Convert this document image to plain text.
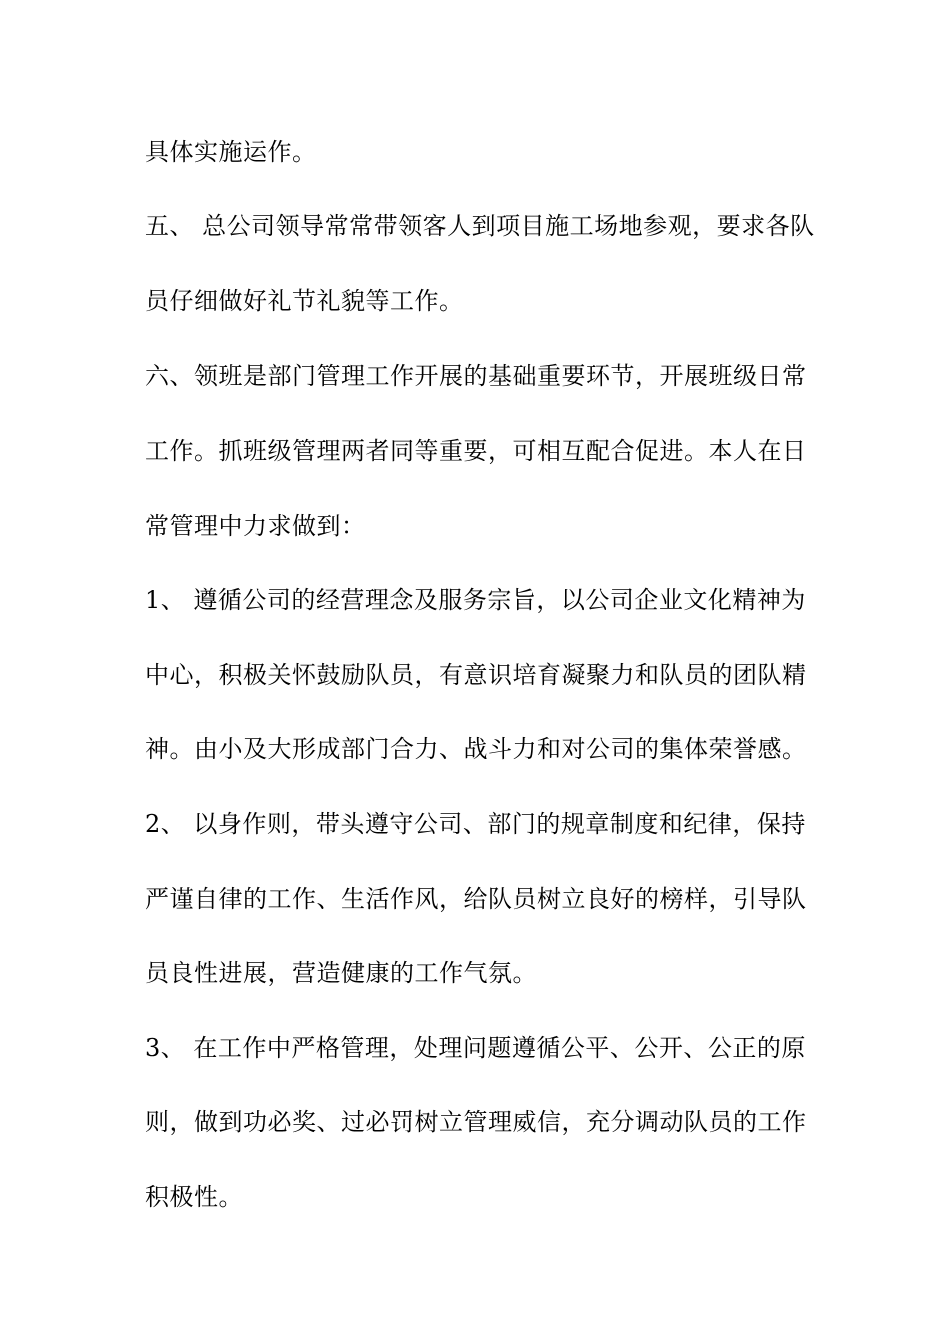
具体实施运作。
五、 总公司领导常常带领客人到项目施工场地参观，要求各队
员仔细做好礼节礼貌等工作。
六、领班是部门管理工作开展的基础重要环节，开展班级日常
工作。抓班级管理两者同等重要，可相互配合促进。本人在日
常管理中力求做到：
1、 遵循公司的经营理念及服务宗旨，以公司企业文化精神为
中心，积极关怀鼓励队员，有意识培育凝聚力和队员的团队精
神。由小及大形成部门合力、战斗力和对公司的集体荣誉感。
2、 以身作则，带头遵守公司、部门的规章制度和纪律，保持
严谨自律的工作、生活作风，给队员树立良好的榜样，引导队
员良性进展，营造健康的工作气氛。
3、 在工作中严格管理，处理问题遵循公平、公开、公正的原
则，做到功必奖、过必罚树立管理威信，充分调动队员的工作
积极性。
